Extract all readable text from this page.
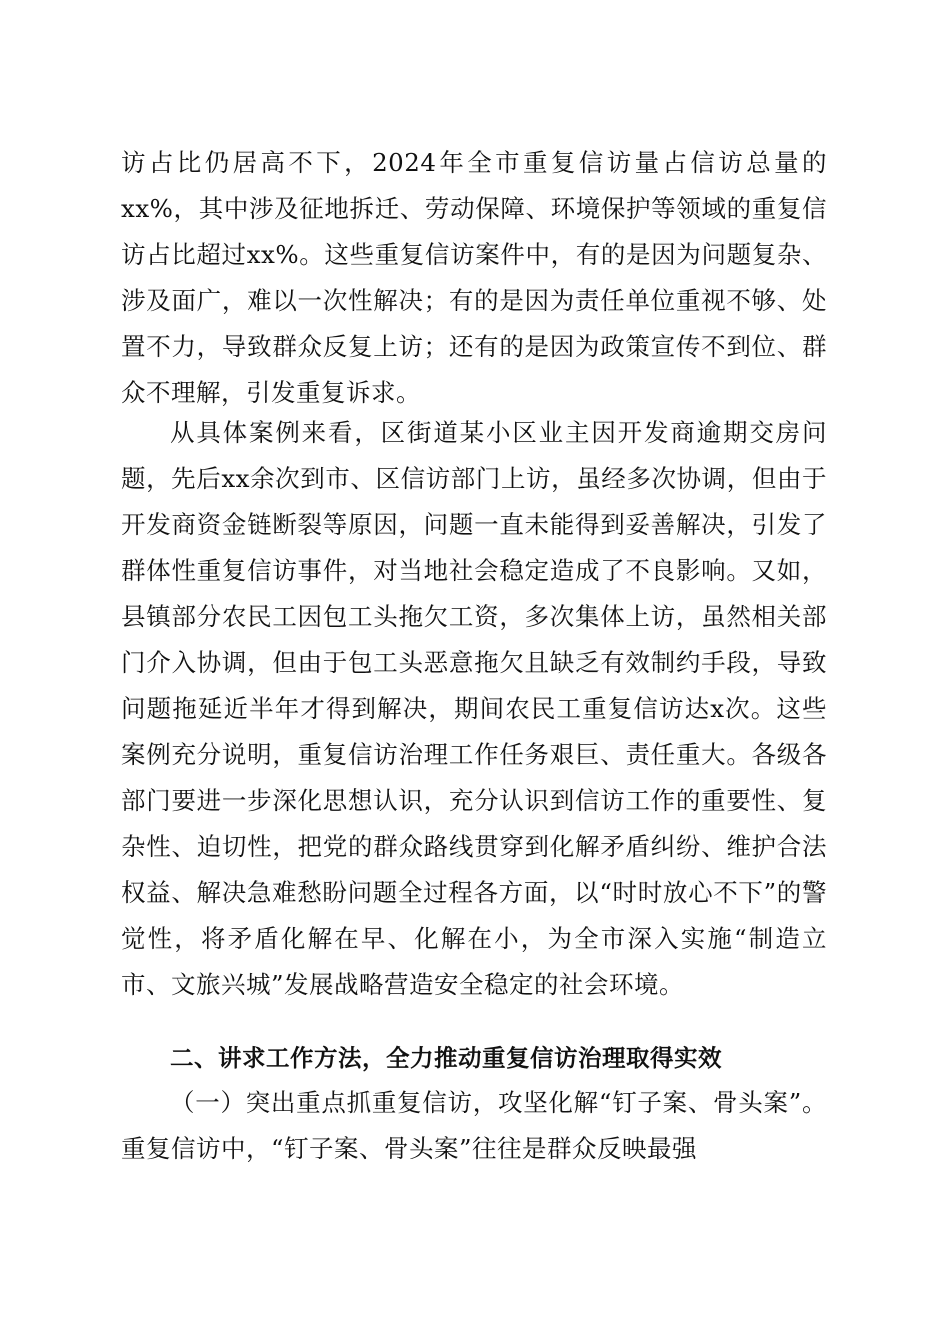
访占比仍居高不下，2024年全市重复信访量占信访总量的xx%，其中涉及征地拆迁、劳动保障、环境保护等领域的重复信访占比超过xx%。这些重复信访案件中，有的是因为问题复杂、涉及面广，难以一次性解决；有的是因为责任单位重视不够、处置不力，导致群众反复上访；还有的是因为政策宣传不到位、群众不理解，引发重复诉求。

从具体案例来看，区街道某小区业主因开发商逾期交房问题，先后xx余次到市、区信访部门上访，虽经多次协调，但由于开发商资金链断裂等原因，问题一直未能得到妥善解决，引发了群体性重复信访事件，对当地社会稳定造成了不良影响。又如，县镇部分农民工因包工头拖欠工资，多次集体上访，虽然相关部门介入协调，但由于包工头恶意拖欠且缺乏有效制约手段，导致问题拖延近半年才得到解决，期间农民工重复信访达x次。这些案例充分说明，重复信访治理工作任务艰巨、责任重大。各级各部门要进一步深化思想认识，充分认识到信访工作的重要性、复杂性、迫切性，把党的群众路线贯穿到化解矛盾纠纷、维护合法权益、解决急难愁盼问题全过程各方面，以“时时放心不下”的警觉性，将矛盾化解在早、化解在小，为全市深入实施“制造立市、文旅兴城”发展战略营造安全稳定的社会环境。

二、讲求工作方法，全力推动重复信访治理取得实效

（一）突出重点抓重复信访，攻坚化解“钉子案、骨头案”。重复信访中，“钉子案、骨头案”往往是群众反映最强
